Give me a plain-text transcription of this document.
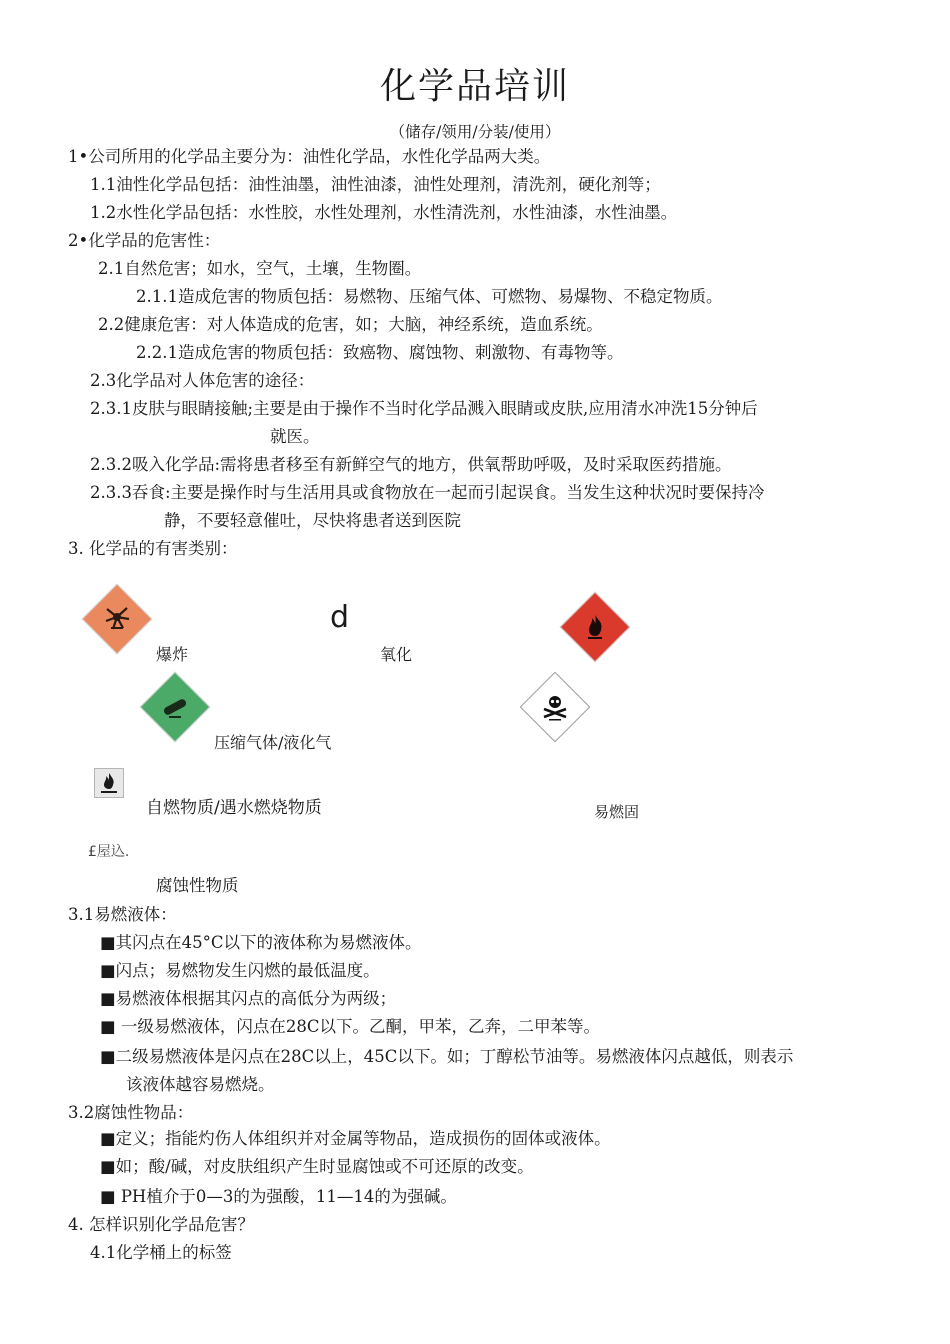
化学品培训
（储存/领用/分装/使用）
1•公司所用的化学品主要分为：油性化学品，水性化学品两大类。
1.1油性化学品包括：油性油墨，油性油漆，油性处理剂，清洗剂，硬化剂等；
1.2水性化学品包括：水性胶，水性处理剂，水性清洗剂，水性油漆，水性油墨。
2•化学品的危害性：
2.1自然危害；如水，空气，土壤，生物圈。
2.1.1造成危害的物质包括：易燃物、压缩气体、可燃物、易爆物、不稳定物质。
2.2健康危害：对人体造成的危害，如；大脑，神经系统，造血系统。
2.2.1造成危害的物质包括：致癌物、腐蚀物、刺激物、有毒物等。
2.3化学品对人体危害的途径：
2.3.1皮肤与眼睛接触;主要是由于操作不当时化学品溅入眼睛或皮肤,应用清水冲洗15分钟后
就医。
2.3.2吸入化学品:需将患者移至有新鲜空气的地方，供氧帮助呼吸，及时采取医药措施。
2.3.3吞食:主要是操作时与生活用具或食物放在一起而引起误食。当发生这种状况时要保持冷
静，不要轻意催吐，尽快将患者送到医院
3. 化学品的有害类别：
爆炸
d
氧化
压缩气体/液化气
自燃物质/遇水燃烧物质	易燃固
£屋込.
腐蚀性物质
3.1易燃液体：
■其闪点在45°C以下的液体称为易燃液体。
■闪点；易燃物发生闪燃的最低温度。
■易燃液体根据其闪点的高低分为两级；
■ 一级易燃液体，闪点在28C以下。乙酮，甲苯，乙奔，二甲苯等。
■二级易燃液体是闪点在28C以上，45C以下。如；丁醇松节油等。易燃液体闪点越低，则表示
该液体越容易燃烧。
3.2腐蚀性物品：
■定义；指能灼伤人体组织并对金属等物品，造成损伤的固体或液体。
■如；酸/碱，对皮肤组织产生时显腐蚀或不可还原的改变。
■ PH植介于0—3的为强酸，11—14的为强碱。
4. 怎样识别化学品危害？
4.1化学桶上的标签
